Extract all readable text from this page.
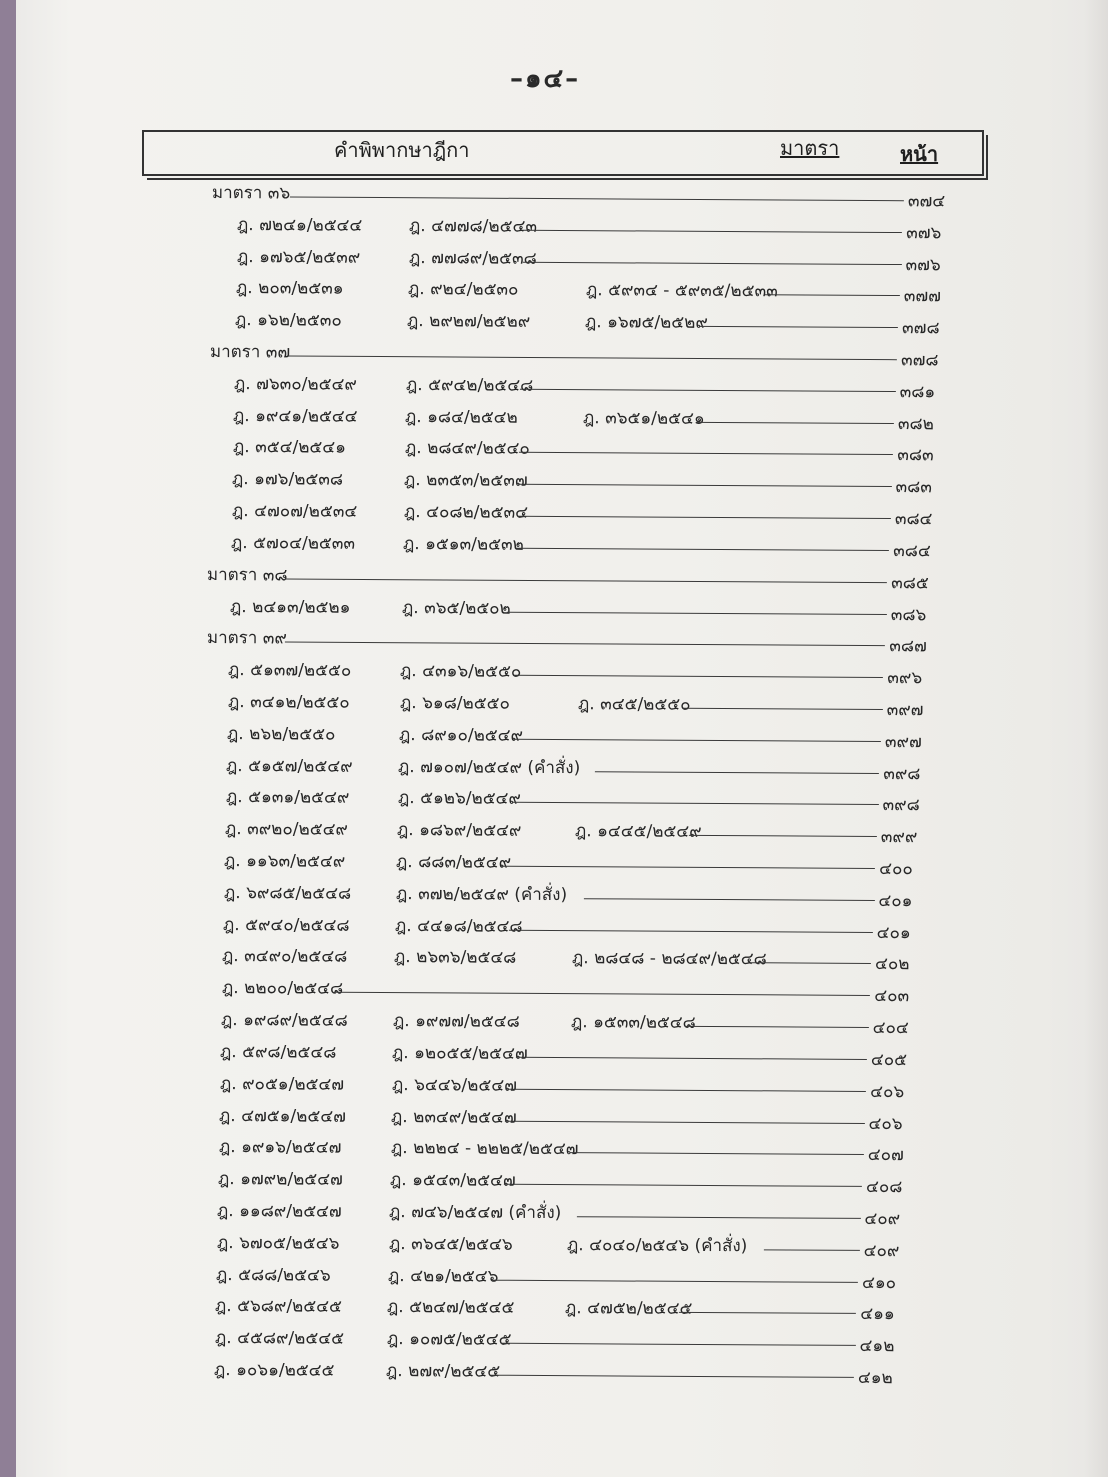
–๑๔–
คำพิพากษาฎีกา	มาตรา	หน้า
มาตรา ๓๖	๓๗๔
ฎ. ๗๒๔๑/๒๕๔๔	ฎ. ๔๗๗๘/๒๕๔๓	๓๗๖
ฎ. ๑๗๖๕/๒๕๓๙	ฎ. ๗๗๘๙/๒๕๓๘	๓๗๖
ฎ. ๒๐๓/๒๕๓๑	ฎ. ๙๒๔/๒๕๓๐	ฎ. ๕๙๓๔ - ๕๙๓๕/๒๕๓๓	๓๗๗
ฎ. ๑๖๒/๒๕๓๐	ฎ. ๒๙๒๗/๒๕๒๙	ฎ. ๑๖๗๕/๒๕๒๙	๓๗๘
มาตรา ๓๗	๓๗๘
ฎ. ๗๖๓๐/๒๕๔๙	ฎ. ๕๙๔๒/๒๕๔๘	๓๘๑
ฎ. ๑๙๔๑/๒๕๔๔	ฎ. ๑๘๔/๒๕๔๒	ฎ. ๓๖๕๑/๒๕๔๑	๓๘๒
ฎ. ๓๕๔/๒๕๔๑	ฎ. ๒๘๔๙/๒๕๔๐	๓๘๓
ฎ. ๑๗๖/๒๕๓๘	ฎ. ๒๓๕๓/๒๕๓๗	๓๘๓
ฎ. ๔๗๐๗/๒๕๓๔	ฎ. ๔๐๘๒/๒๕๓๔	๓๘๔
ฎ. ๕๗๐๔/๒๕๓๓	ฎ. ๑๕๑๓/๒๕๓๒	๓๘๔
มาตรา ๓๘	๓๘๕
ฎ. ๒๔๑๓/๒๕๒๑	ฎ. ๓๖๕/๒๕๐๒	๓๘๖
มาตรา ๓๙	๓๘๗
ฎ. ๕๑๓๗/๒๕๕๐	ฎ. ๔๓๑๖/๒๕๕๐	๓๙๖
ฎ. ๓๔๑๒/๒๕๕๐	ฎ. ๖๑๘/๒๕๕๐	ฎ. ๓๔๕/๒๕๕๐	๓๙๗
ฎ. ๒๖๒/๒๕๕๐	ฎ. ๘๙๑๐/๒๕๔๙	๓๙๗
ฎ. ๕๑๕๗/๒๕๔๙	ฎ. ๗๑๐๗/๒๕๔๙ (คำสั่ง)	๓๙๘
ฎ. ๕๑๓๑/๒๕๔๙	ฎ. ๕๑๒๖/๒๕๔๙	๓๙๘
ฎ. ๓๙๒๐/๒๕๔๙	ฎ. ๑๘๖๙/๒๕๔๙	ฎ. ๑๔๔๕/๒๕๔๙	๓๙๙
ฎ. ๑๑๖๓/๒๕๔๙	ฎ. ๘๘๓/๒๕๔๙	๔๐๐
ฎ. ๖๙๘๕/๒๕๔๘	ฎ. ๓๗๒/๒๕๔๙ (คำสั่ง)	๔๐๑
ฎ. ๕๙๔๐/๒๕๔๘	ฎ. ๔๔๑๘/๒๕๔๘	๔๐๑
ฎ. ๓๔๙๐/๒๕๔๘	ฎ. ๒๖๓๖/๒๕๔๘	ฎ. ๒๘๔๘ - ๒๘๔๙/๒๕๔๘	๔๐๒
ฎ. ๒๒๐๐/๒๕๔๘	๔๐๓
ฎ. ๑๙๘๙/๒๕๔๘	ฎ. ๑๙๗๗/๒๕๔๘	ฎ. ๑๕๓๓/๒๕๔๘	๔๐๔
ฎ. ๕๙๘/๒๕๔๘	ฎ. ๑๒๐๕๕/๒๕๔๗	๔๐๕
ฎ. ๙๐๕๑/๒๕๔๗	ฎ. ๖๔๔๖/๒๕๔๗	๔๐๖
ฎ. ๔๗๕๑/๒๕๔๗	ฎ. ๒๓๔๙/๒๕๔๗	๔๐๖
ฎ. ๑๙๑๖/๒๕๔๗	ฎ. ๒๒๒๔ - ๒๒๒๕/๒๕๔๗	๔๐๗
ฎ. ๑๗๙๒/๒๕๔๗	ฎ. ๑๕๔๓/๒๕๔๗	๔๐๘
ฎ. ๑๑๘๙/๒๕๔๗	ฎ. ๗๔๖/๒๕๔๗ (คำสั่ง)	๔๐๙
ฎ. ๖๗๐๕/๒๕๔๖	ฎ. ๓๖๔๕/๒๕๔๖	ฎ. ๔๐๔๐/๒๕๔๖ (คำสั่ง)	๔๐๙
ฎ. ๕๘๘/๒๕๔๖	ฎ. ๔๒๑/๒๕๔๖	๔๑๐
ฎ. ๕๖๘๙/๒๕๔๕	ฎ. ๕๒๔๗/๒๕๔๕	ฎ. ๔๗๕๒/๒๕๔๕	๔๑๑
ฎ. ๔๕๘๙/๒๕๔๕	ฎ. ๑๐๗๕/๒๕๔๕	๔๑๒
ฎ. ๑๐๖๑/๒๕๔๕	ฎ. ๒๗๙/๒๕๔๕	๔๑๒
